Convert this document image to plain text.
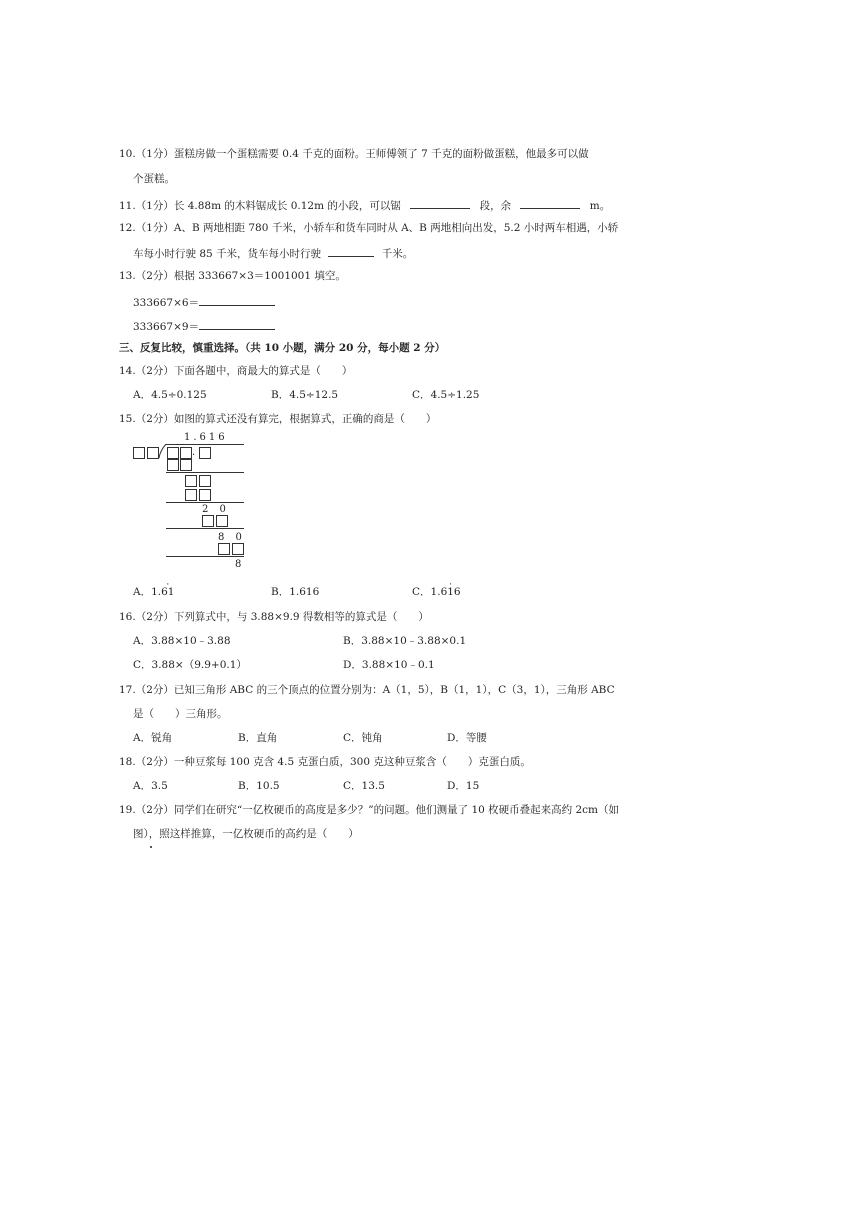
10.（1分）蛋糕房做一个蛋糕需要 0.4 千克的面粉。王师傅领了 7 千克的面粉做蛋糕，他最多可以做
个蛋糕。
11.（1分）长 4.88m 的木料锯成长 0.12m 的小段，可以锯	段，余	m。
12.（1分）A、B 两地相距 780 千米，小轿车和货车同时从 A、B 两地相向出发，5.2 小时两车相遇，小轿
车每小时行驶 85 千米，货车每小时行驶	千米。
13.（2分）根据 333667×3＝1001001 填空。
333667×6＝
333667×9＝
三、反复比较，慎重选择。（共 10 小题，满分 20 分，每小题 2 分）
14.（2分）下面各题中，商最大的算式是（　　）
A．4.5÷0.125	B．4.5÷12.5	C．4.5÷1.25
15.（2分）如图的算式还没有算完，根据算式，正确的商是（　　）
1.616
.
2 0
8 0
8
A．1.61 ·	B．1.616	C．1.616 ·
16.（2分）下列算式中，与 3.88×9.9 得数相等的算式是（　　）
A．3.88×10﹣3.88	B．3.88×10﹣3.88×0.1
C．3.88×（9.9+0.1）	D．3.88×10﹣0.1
17.（2分）已知三角形 ABC 的三个顶点的位置分别为：A（1，5），B（1，1），C（3，1），三角形 ABC
是（　　）三角形。
A．锐角	B．直角	C．钝角	D．等腰
18.（2分）一种豆浆每 100 克含 4.5 克蛋白质，300 克这种豆浆含（　　）克蛋白质。
A．3.5	B．10.5	C．13.5	D．15
19.（2分）同学们在研究“一亿枚硬币的高度是多少？”的问题。他们测量了 10 枚硬币叠起来高约 2cm（如
图），照这样推算，一亿枚硬币的高约是（　　）
